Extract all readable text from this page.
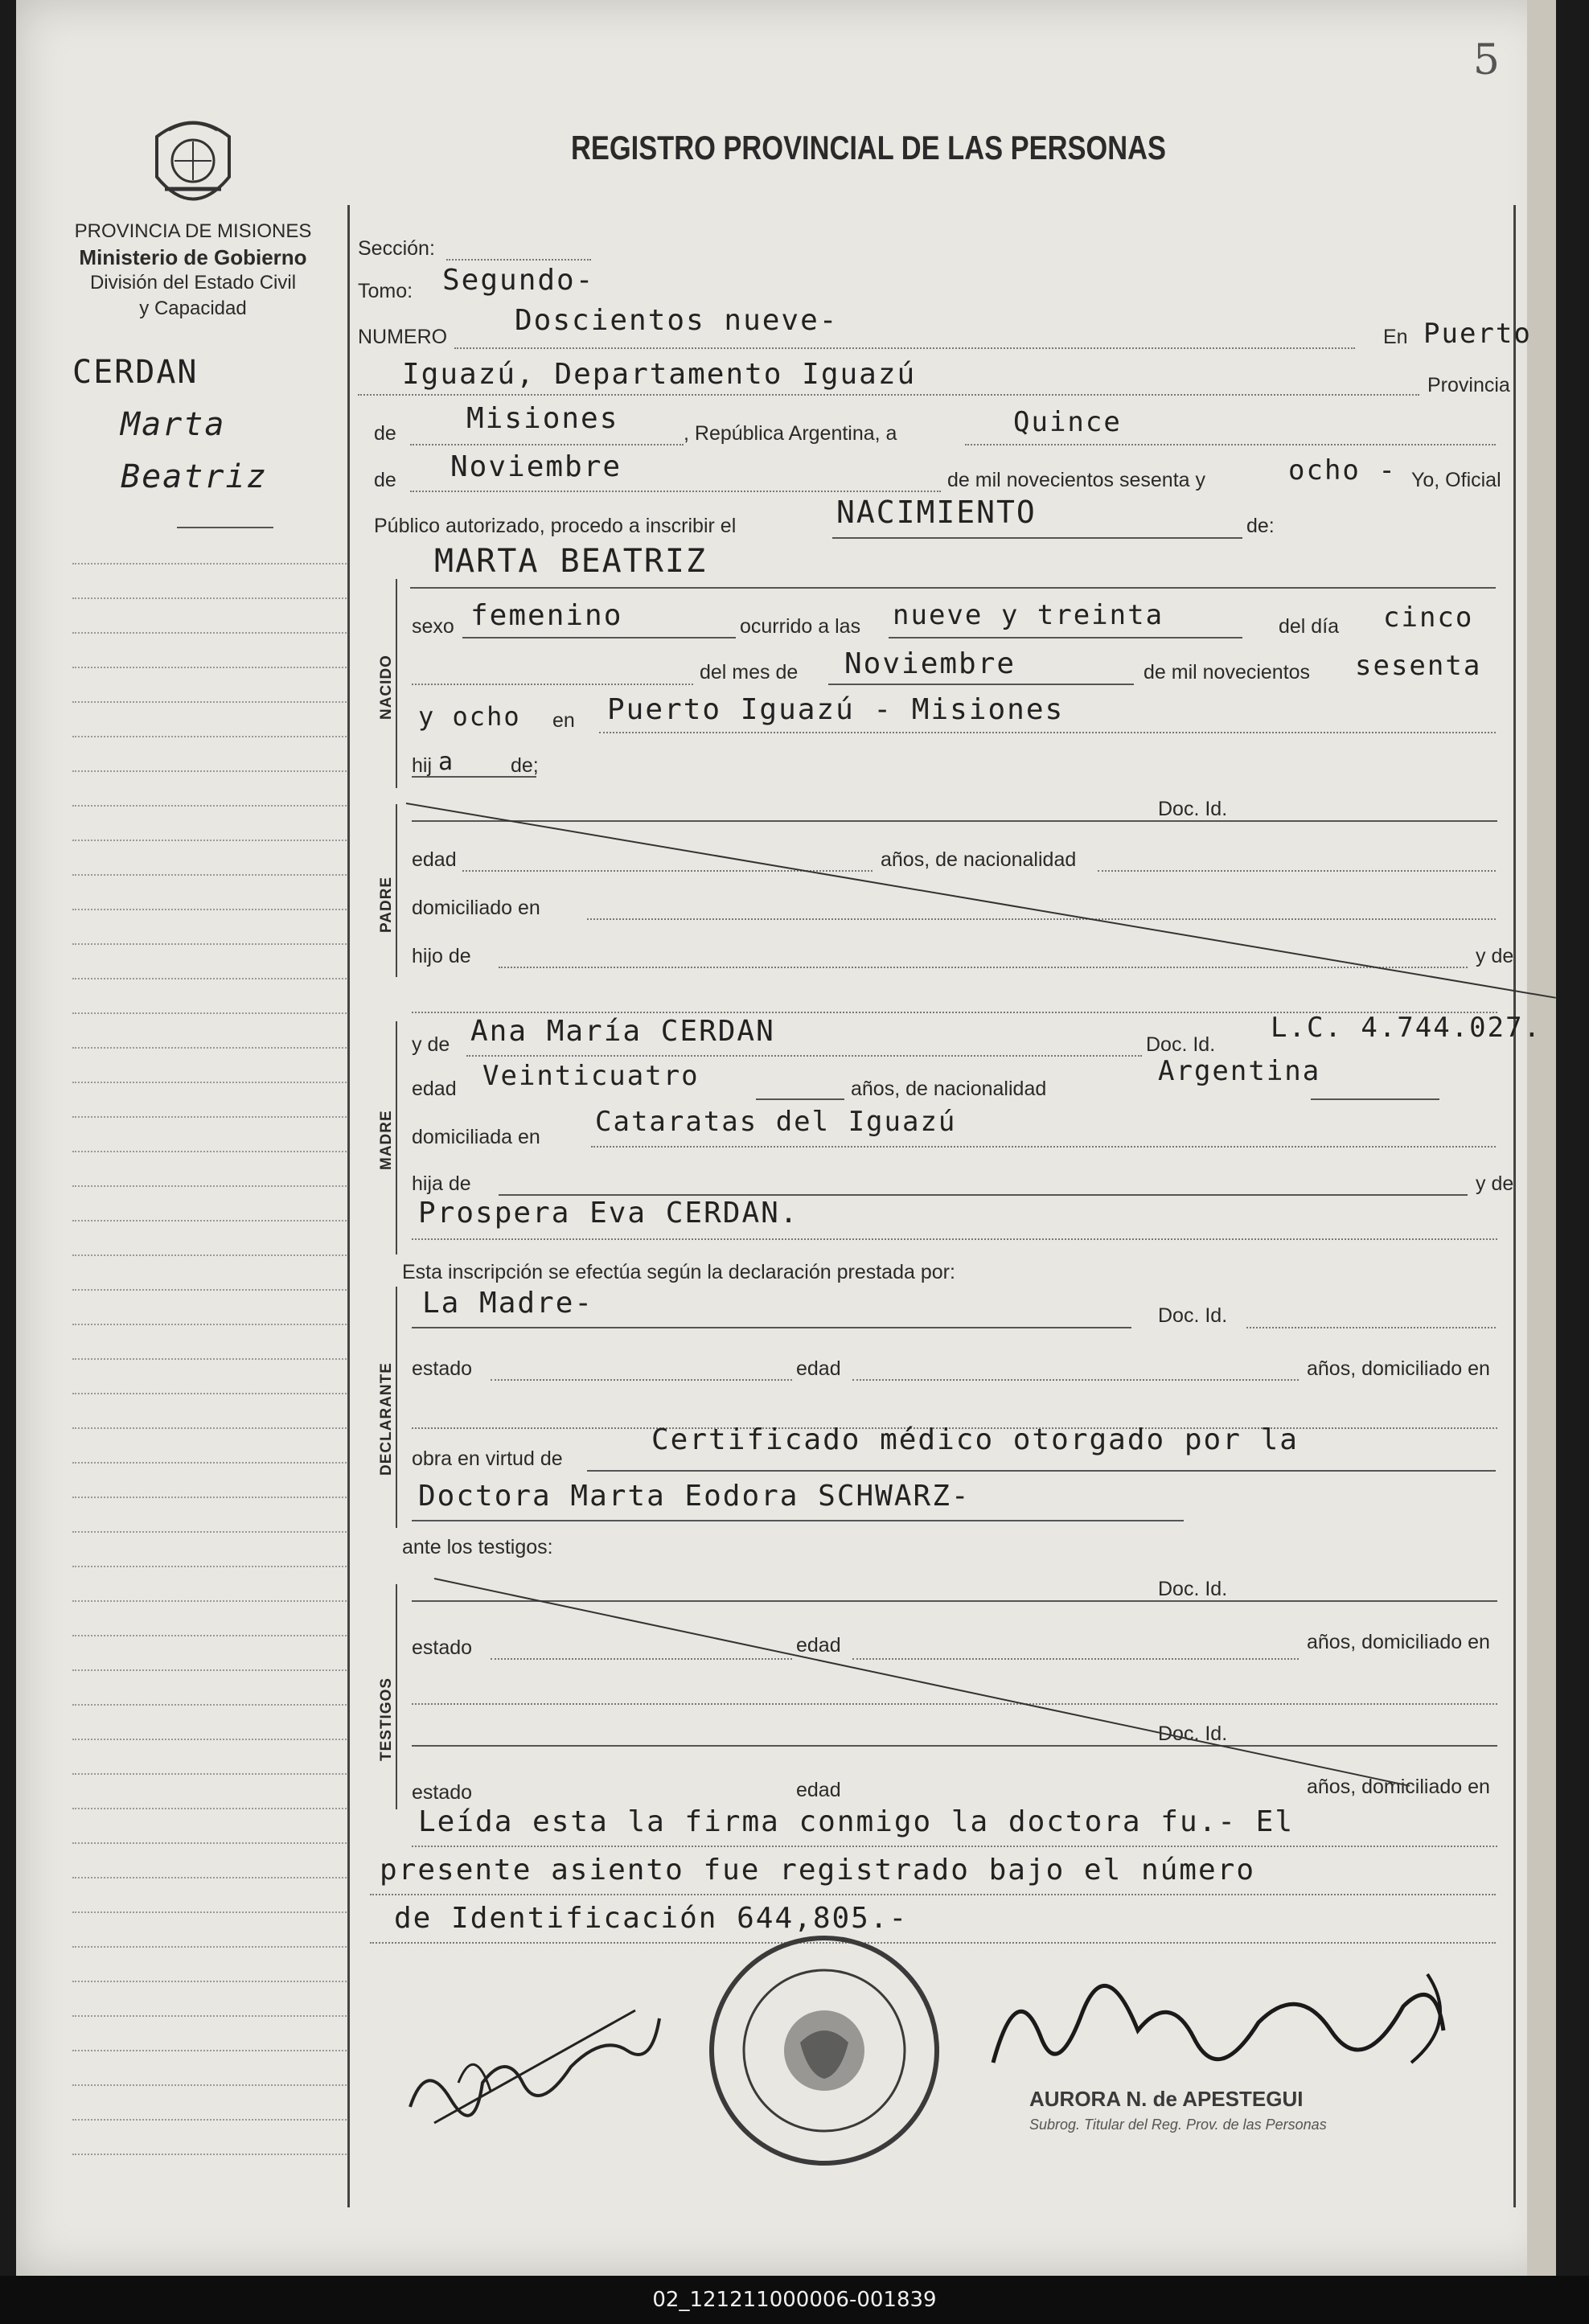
5
PROVINCIA DE MISIONES
Ministerio de Gobierno
División del Estado Civil
y Capacidad
REGISTRO PROVINCIAL DE LAS PERSONAS
CERDAN
Marta
Beatriz
NACIDO
PADRE
MADRE
DECLARANTE
TESTIGOS
Sección:
Tomo: Segundo-
NUMERO Doscientos nueve-	En Puerto
Iguazú, Departamento Iguazú	Provincia
de Misiones	, República Argentina, a	Quince
de Noviembre	de mil novecientos sesenta y	ocho - Yo, Oficial
Público autorizado, procedo a inscribir el	NACIMIENTO	de:
MARTA BEATRIZ
sexo femenino	ocurrido a las nueve y treinta	del día cinco
del mes de Noviembre	de mil novecientos sesenta
y ocho en Puerto Iguazú - Misiones
hij a	de;
Doc. Id.
edad	años, de nacionalidad
domiciliado en
hijo de	y de
y de Ana María CERDAN	Doc. Id.
L.C. 4.744.027.
edad Veinticuatro	años, de nacionalidad
Argentina
domiciliada en Cataratas del Iguazú
hija de	y de
Prospera Eva CERDAN.
Esta inscripción se efectúa según la declaración prestada por:
La Madre-	Doc. Id.
estado	edad	años, domiciliado en
obra en virtud de
Certificado médico otorgado por la
Doctora Marta Eodora SCHWARZ-
ante los testigos:
Doc. Id.
estado	edad	años, domiciliado en
Doc. Id.
estado	edad	años, domiciliado en
Leída esta la firma conmigo la doctora fu.- El
presente asiento fue registrado bajo el número
de Identificación 644,805.-
AURORA N. de APESTEGUI
Subrog. Titular del Reg. Prov. de las Personas
02_121211000006-001839
